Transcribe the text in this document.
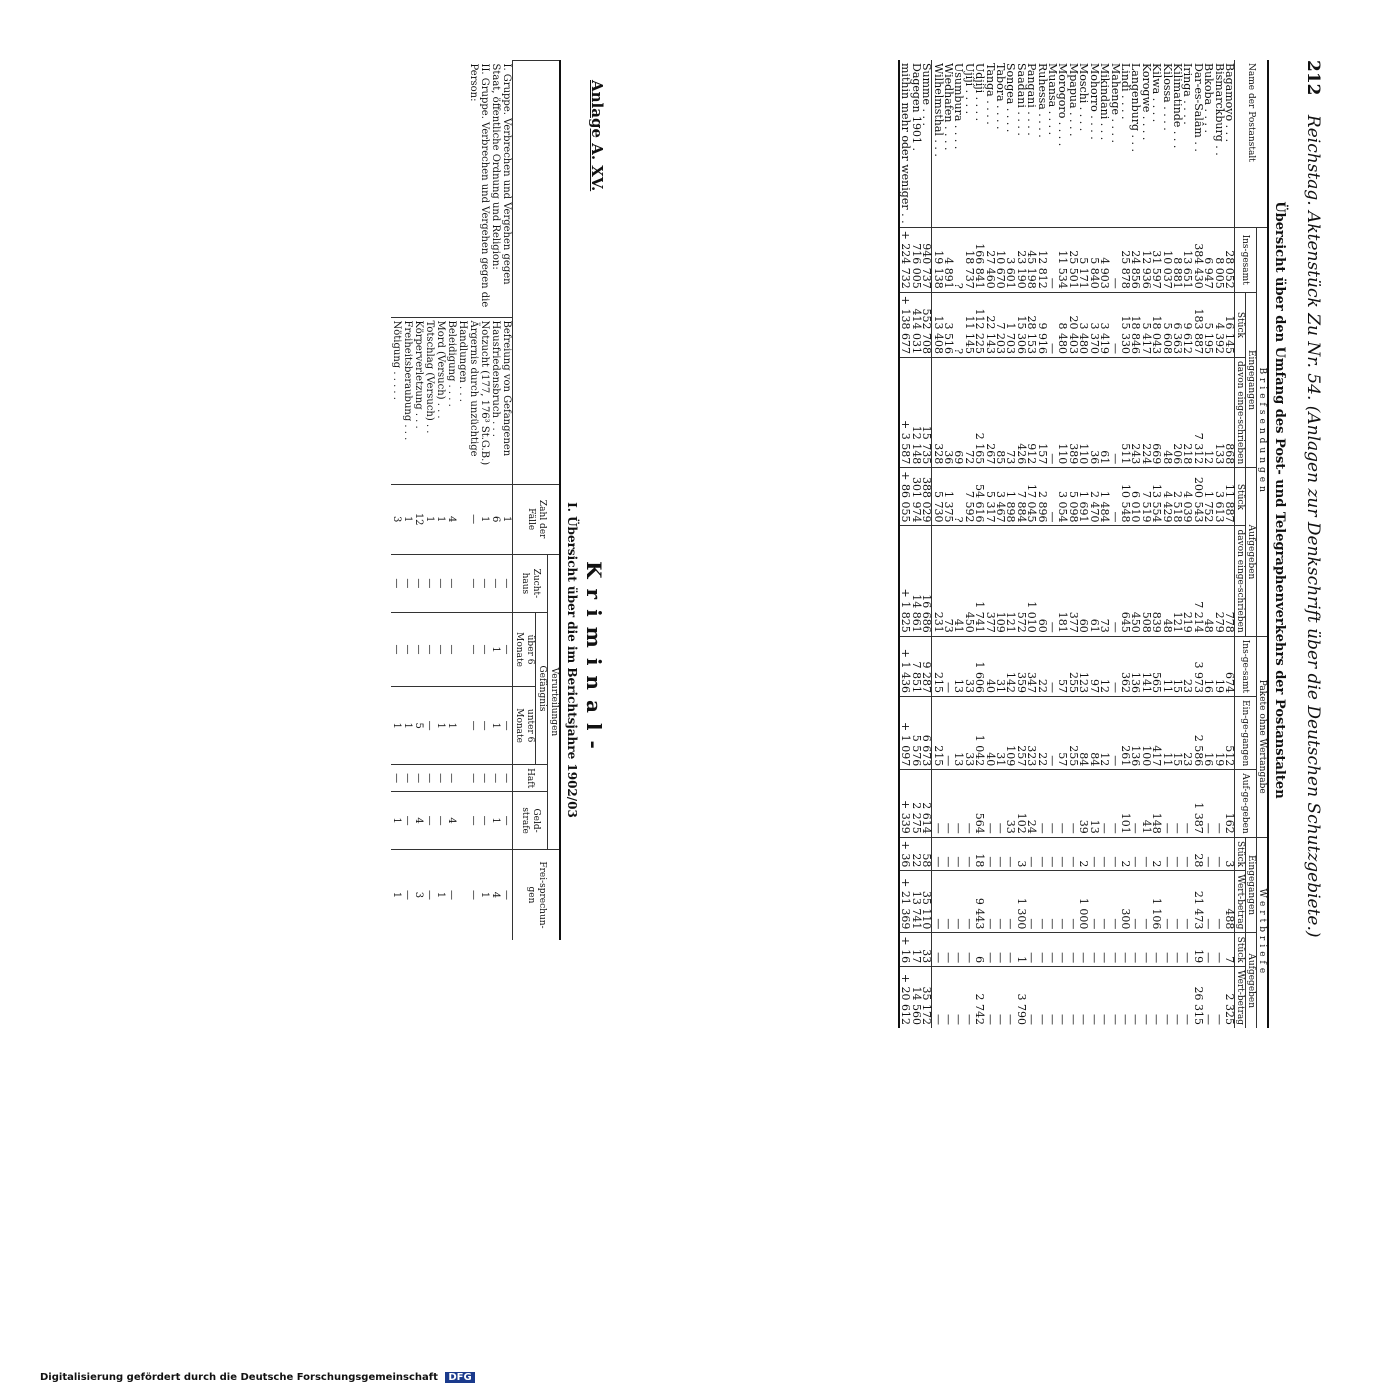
212 Reichstag. Aktenstück Zu Nr. 54. (Anlagen zur Denkschrift über die Deutschen Schutzgebiete.)
Übersicht über den Umfang des Post- und Telegraphenverkehrs der Postanstalten
Name der Postanstalt	Briefsendungen					Pakete ohne Wertangabe			Wertbriefe			
	Ins-gesamt	Eingegangen		Aufgegeben		Ins-ge-samt	Ein-ge-gangen	Auf-ge-geben	Eingegangen		Aufgegeben	
		Stück	davon einge-schrieben	Stück	davon einge-schrieben				Stück	Wert-betrag	Stück	Wert-betrag
Bagamoyo . . .	28 052	16 145	868	11 887	778	674	512	162	3	488	7	2 325
Bismarckburg . .	8 005	4 392	133	3 613	279	19	19	—	—	—	—	—
Bukoba . . . .	6 947	5 195	12	1 752	48	16	16	—	—	—	—	—
Dar-es-Salâm . .	384 430	183 887	7 312	200 543	7 214	3 973	2 586	1 387	28	21 473	19	26 315
Iringa . . . .	13 651	9 612	218	4 039	219	23	23	—	—	—	—	—
Kilimatinde . . .	8 881	6 363	206	2 518	121	15	15	—	—	—	—	—
Kilossa . . . .	10 037	5 608	48	4 429	48	11	11	—	—	—	—	—
Kilwa . . . .	31 597	18 043	669	13 554	839	565	417	148	2	1 106	—	—
Korogwe . . . .	12 936	5 417	224	7 519	508	141	100	41	—	—	—	—
Langenburg . . .	24 856	18 846	243	6 010	450	136	136	—	—	—	—	—
Lindi . . . .	25 878	15 330	511	10 548	645	362	261	101	2	300	—	—
Mahenge . . . .	—	—	—	—	—	—	—	—	—	—	—	—
Mikindani . . .	4 903	3 419	61	1 484	73	12	12	—	—	—	—	—
Mohorro . . . .	5 840	3 370	36	2 470	61	97	84	13	—	—	—	—
Moschi . . . .	5 171	3 480	110	1 691	60	123	84	39	2	1 000	—	—
Mpapua . . . .	25 501	20 403	389	5 098	377	255	255	—	—	—	—	—
Morogoro . . . .	11 534	8 480	110	3 054	181	57	57	—	—	—	—	—
Muansa . . . .	—	—	—	—	—	—	—	—	—	—	—	—
Ruhessa . . . .	12 812	9 916	157	2 896	60	22	22	—	—	—	—	—
Pangani . . . .	45 198	28 153	912	17 045	1 010	347	323	24	—	—	—	—
Saadani . . . .	23 190	15 306	426	7 884	572	359	257	102	3	1 300	1	3 790
Songea . . . .	3 601	1 703	73	1 898	121	142	109	33	—	—	—	—
Tabora . . . .	10 670	7 203	85	3 467	109	31	31	—	—	—	—	—
Tanga . . . .	27 460	22 143	267	5 317	377	40	40	—	—	—	—	—
Udjiji . . . .	166 841	112 225	2 165	54 616	1 741	1 606	1 042	564	18	9 443	6	2 742
Ujiji . . . .	18 737	11 145	72	7 592	450	33	33	—	—	—	—	—
Usumbura . . . .	?	?	69	?	41	13	13	—	—	—	—	—
Wiedhafen . . . .	4 891	3 516	36	1 375	73	—	—	—	—	—	—	—
Wilhelmsthal . . .	19 138	13 408	328	5 730	231	215	215	—	—	—	—	—
Summe . . .	940 737	552 708	15 735	388 029	16 686	9 287	6 673	2 614	58	35 110	33	35 172
Dagegen 1901 .	716 005	414 031	12 148	301 974	14 861	7 851	5 576	2 275	22	13 741	17	14 560
mithin mehr oder weniger . .	+ 224 732	+ 138 677	+ 3 587	+ 86 055	+ 1 825	+ 1 436	+ 1 097	+ 339	+ 36	+ 21 369	+ 16	+ 20 612
Anlage A. XV.
Kriminal-
I. Übersicht über die im Berichtsjahre 1902/03
		Zahl der Fälle	Verurteilungen					Frei-sprechun-gen
			Zucht-haus	Gefängnis		Haft	Geld-strafe	
				über 6 Monate	unter 6 Monate			
I. Gruppe. Verbrechen und Vergehen gegen Staat, öffentliche Ordnung und Religion:	Befreiung von Gefangenen	1	—	—	—	—	—	—
	Hausfriedensbruch . . .	6	—	1	1	—	1	4
II. Gruppe. Verbrechen und Vergehen gegen die Person:	Notzucht (177, 176³ St.G.B.)	1	—	—	—	—	—	1
	Ärgernis durch unzüchtige Handlungen . . .	—	—	—	—	—	—	—
	Beleidigung . . . .	4	—	—	1	—	4	—
	Mord (Versuch) . . .	1	—	—	1	—	—	1
	Totschlag (Versuch) . .	1	—	—	—	—	—	—
	Körperverletzung . . .	12	—	—	5	—	4	3
	Freiheitsberaubung . . .	1	—	—	1	—	—	—
	Nötigung . . . . .	3	—	—	1	—	1	1
Digitalisierung gefördert durch die Deutsche Forschungsgemeinschaft DFG
